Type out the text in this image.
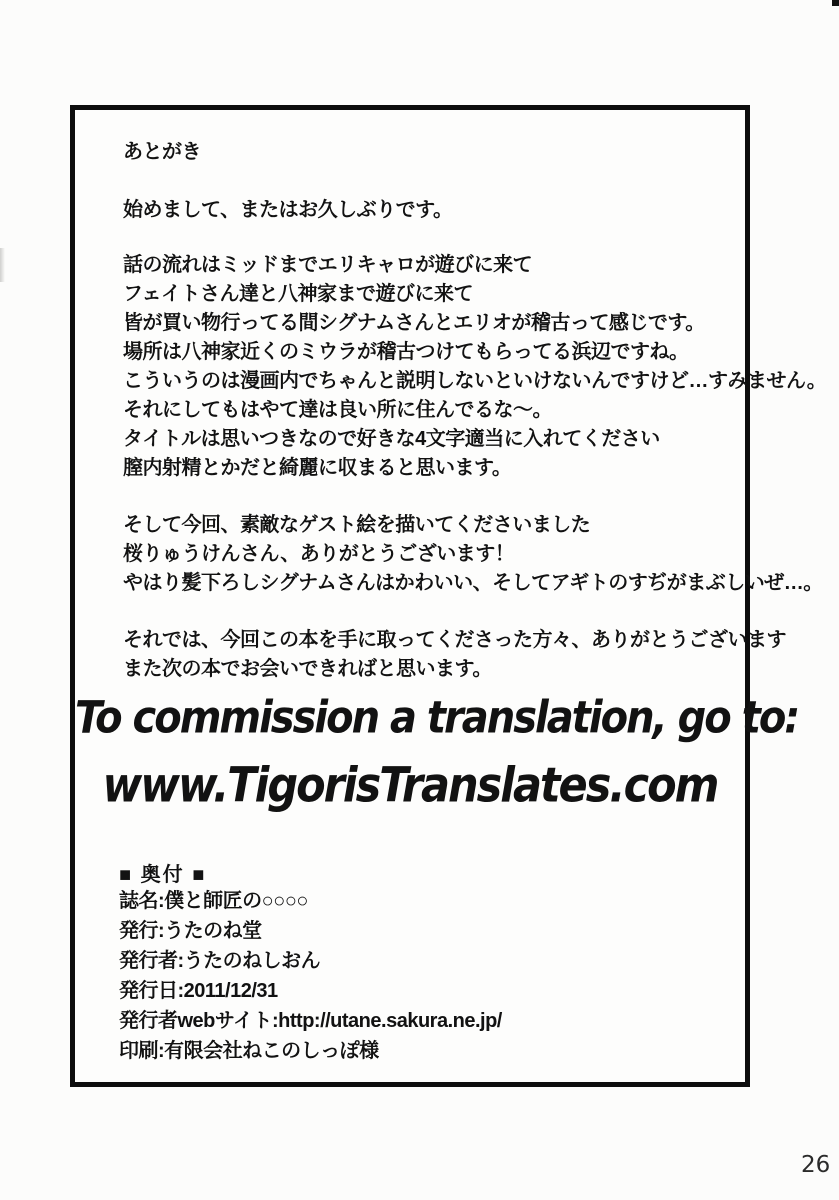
あとがき
始めまして、またはお久しぶりです。
話の流れはミッドまでエリキャロが遊びに来て
フェイトさん達と八神家まで遊びに来て
皆が買い物行ってる間シグナムさんとエリオが稽古って感じです。
場所は八神家近くのミウラが稽古つけてもらってる浜辺ですね。
こういうのは漫画内でちゃんと説明しないといけないんですけど…すみません。
それにしてもはやて達は良い所に住んでるな～。
タイトルは思いつきなので好きな4文字適当に入れてください
膣内射精とかだと綺麗に収まると思います。
そして今回、素敵なゲスト絵を描いてくださいました
桜りゅうけんさん、ありがとうございます！
やはり髪下ろしシグナムさんはかわいい、そしてアギトのすぢがまぶしいぜ…。
それでは、今回この本を手に取ってくださった方々、ありがとうございます
また次の本でお会いできればと思います。
To commission a translation, go to:
www.TigorisTranslates.com
■ 奥付 ■
誌名:僕と師匠の○○○○
発行:うたのね堂
発行者:うたのねしおん
発行日:2011/12/31
発行者webサイト:http://utane.sakura.ne.jp/
印刷:有限会社ねこのしっぽ様
26
